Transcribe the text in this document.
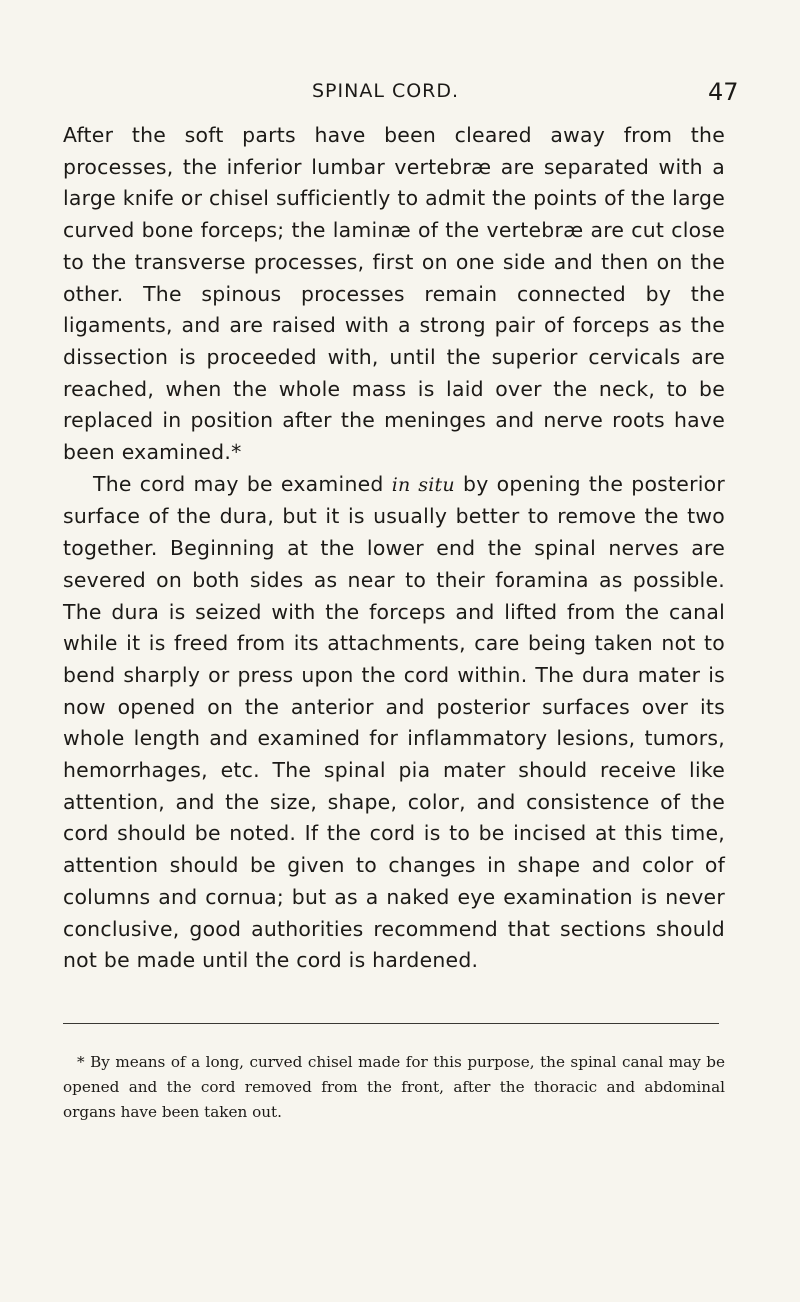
SPINAL CORD.	47

After the soft parts have been cleared away from the processes, the inferior lumbar vertebræ are separated with a large knife or chisel sufficiently to admit the points of the large curved bone forceps; the laminæ of the vertebræ are cut close to the transverse processes, first on one side and then on the other. The spinous processes remain connected by the ligaments, and are raised with a strong pair of forceps as the dissection is proceeded with, until the superior cervicals are reached, when the whole mass is laid over the neck, to be replaced in position after the meninges and nerve roots have been examined.*

The cord may be examined in situ by opening the posterior surface of the dura, but it is usually better to remove the two together. Beginning at the lower end the spinal nerves are severed on both sides as near to their foramina as possible. The dura is seized with the forceps and lifted from the canal while it is freed from its attachments, care being taken not to bend sharply or press upon the cord within. The dura mater is now opened on the anterior and posterior surfaces over its whole length and examined for inflammatory lesions, tumors, hemorrhages, etc. The spinal pia mater should receive like attention, and the size, shape, color, and consistence of the cord should be noted. If the cord is to be incised at this time, attention should be given to changes in shape and color of columns and cornua; but as a naked eye examination is never conclusive, good authorities recommend that sections should not be made until the cord is hardened.

* By means of a long, curved chisel made for this purpose, the spinal canal may be opened and the cord removed from the front, after the thoracic and abdominal organs have been taken out.
